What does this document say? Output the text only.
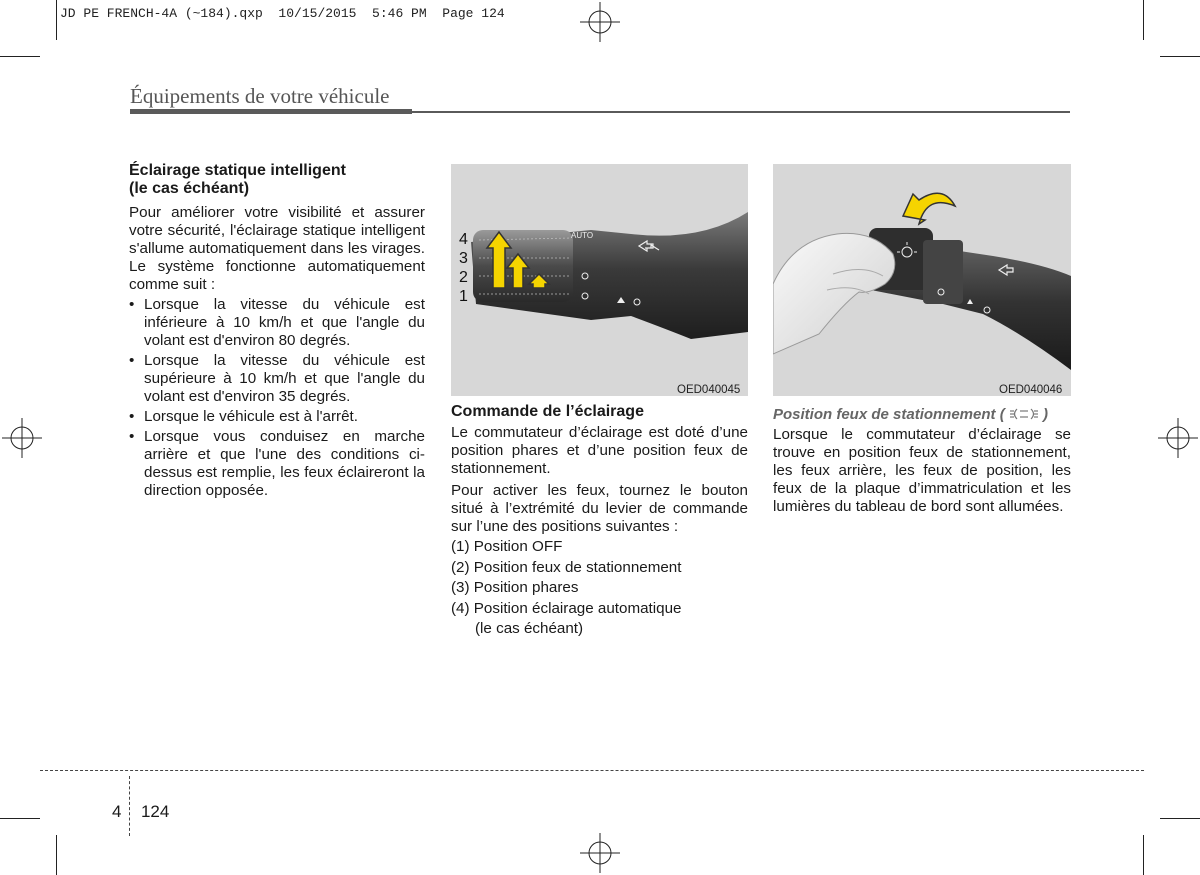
JD PE FRENCH-4A (~184).qxp  10/15/2015  5:46 PM  Page 124
Équipements de votre véhicule
Éclairage statique intelligent
(le cas échéant)
Pour améliorer votre visibilité et assurer votre sécurité, l'éclairage statique intelligent s'allume automatiquement dans les virages. Le système fonctionne automatiquement comme suit :
• Lorsque la vitesse du véhicule est inférieure à 10 km/h et que l'angle du volant est d'environ 80 degrés.
• Lorsque la vitesse du véhicule est supérieure à 10 km/h et que l'angle du volant est d'environ 35 degrés.
• Lorsque le véhicule est à l'arrêt.
• Lorsque vous conduisez en marche arrière et que l'une des conditions ci-dessus est remplie, les feux éclaireront la direction opposée.
AUTO
4
3
2
1
OED040045
Commande de l’éclairage
Le commutateur d’éclairage est doté d’une position phares et d’une position feux de stationnement.
Pour activer les feux, tournez le bouton situé à l’extrémité du levier de commande sur l’une des positions suivantes :
(1) Position OFF
(2) Position feux de stationnement
(3) Position phares
(4) Position éclairage automatique
(le cas échéant)
OED040046
Position feux de stationnement (	)
Lorsque le commutateur d’éclairage se trouve en position feux de stationnement, les feux arrière, les feux de position, les feux de la plaque d’immatriculation et les lumières du tableau de bord sont allumées.
4 124
